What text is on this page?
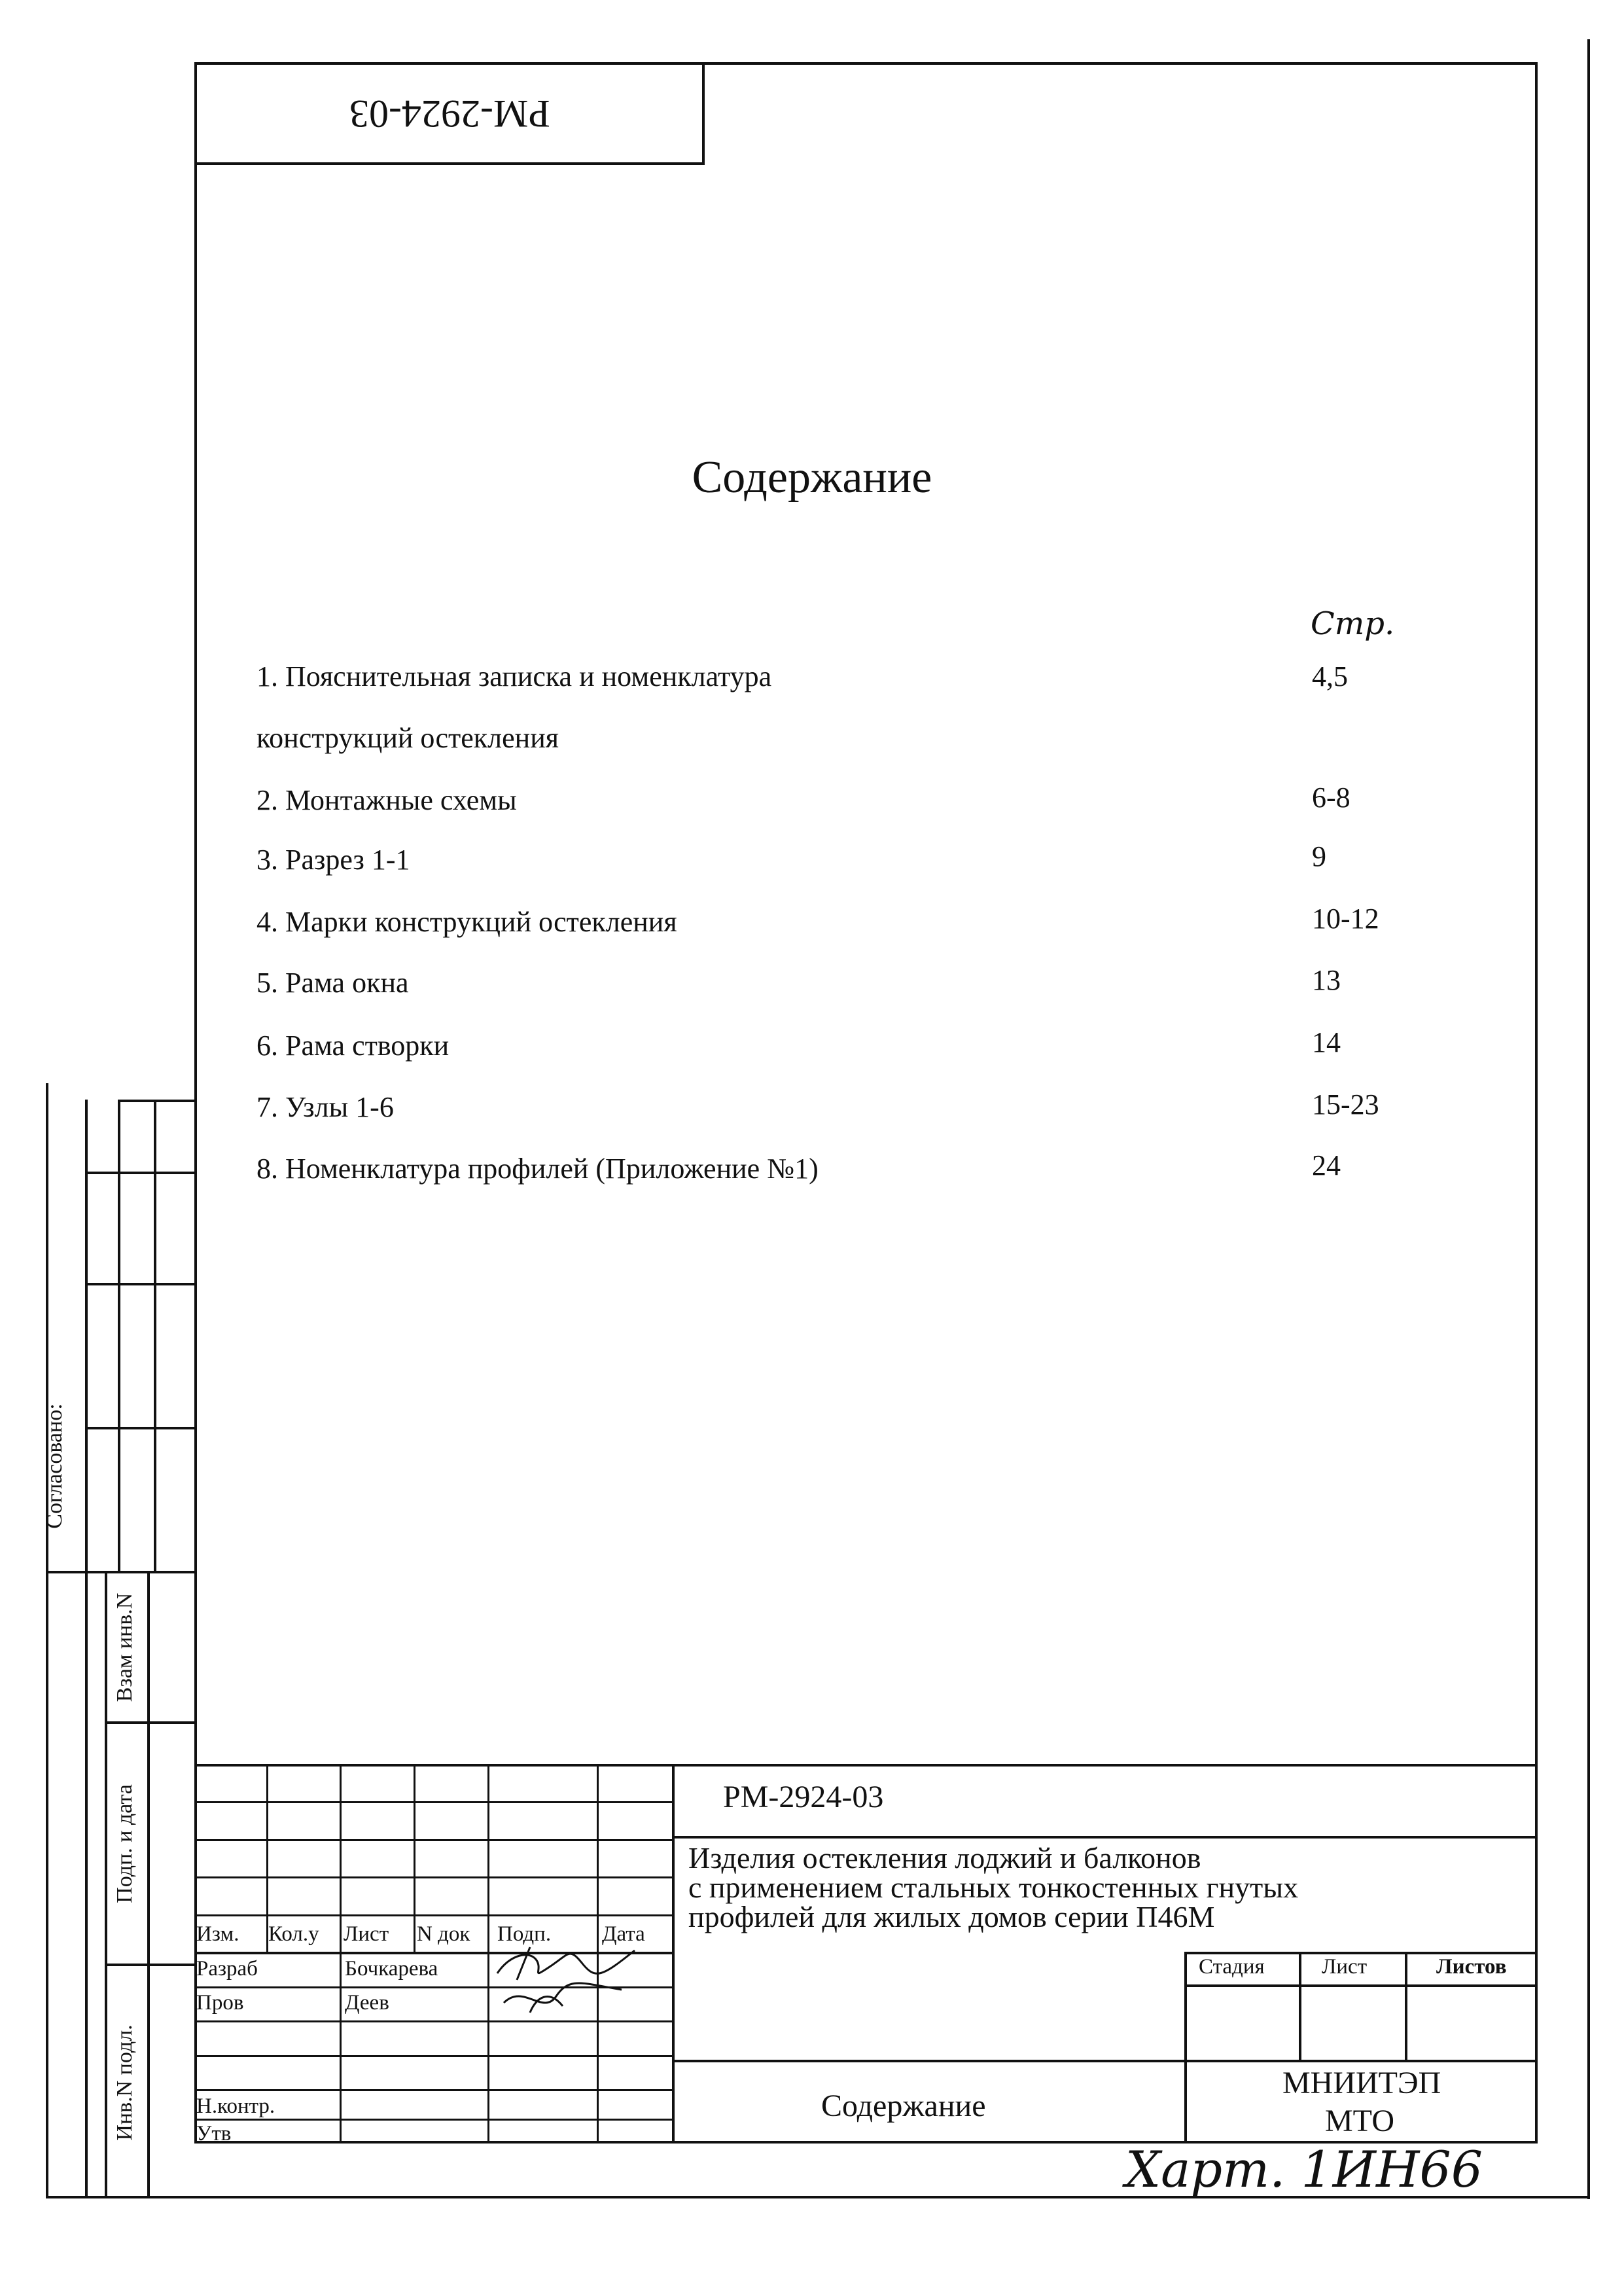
РМ-2924-03
Содержание
Стр.
1. Пояснительная записка и номенклатура	4,5
конструкций остекления
2. Монтажные схемы	6-8
3. Разрез 1-1	9
4. Марки конструкций остекления	10-12
5. Рама окна	13
6. Рама створки	14
7. Узлы 1-6	15-23
8. Номенклатура профилей (Приложение №1)	24
Согласовано:
Взам инв.N
Подп. и дата
Инв.N подл.
Изм. Кол.у Лист N док Подп. Дата
Разраб	Бочкарева
Пров	Деев
Н.контр.
Утв
РМ-2924-03
Изделия остекления лоджий и балконов
с применением стальных тонкостенных гнутых
профилей для жилых домов серии П46М
Стадия	Лист	Листов
Содержание
МНИИТЭП
МТО
Харт. 1ИН66
